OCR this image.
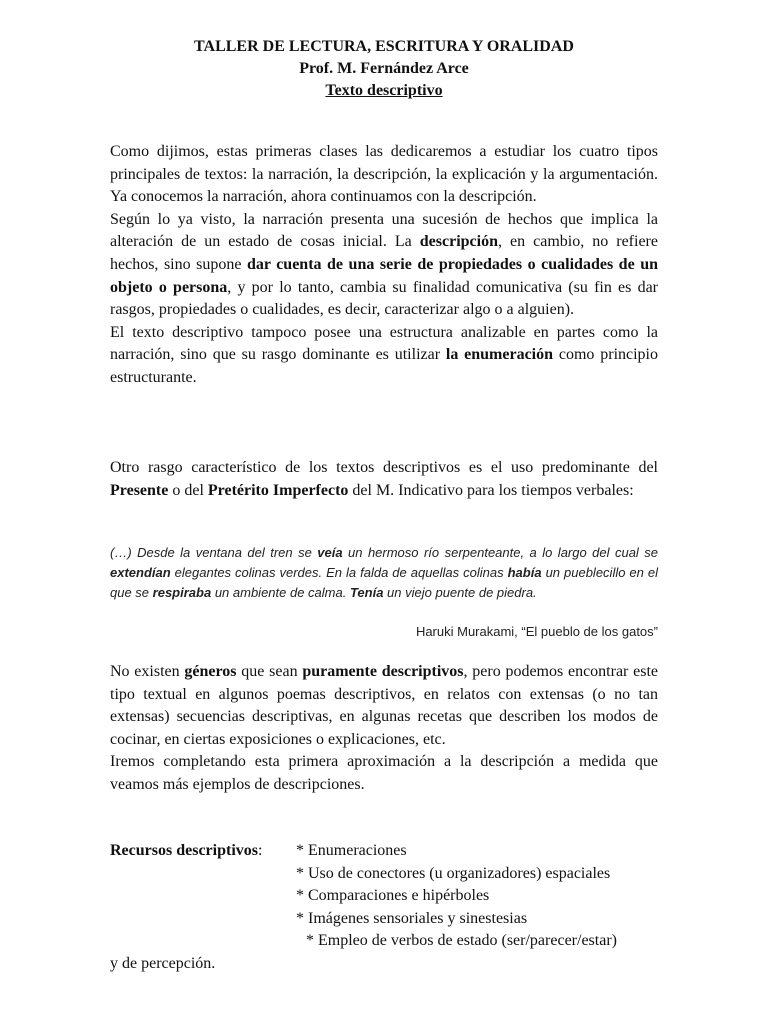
TALLER DE LECTURA, ESCRITURA Y ORALIDAD
Prof. M. Fernández Arce
Texto descriptivo

Como dijimos, estas primeras clases las dedicaremos a estudiar los cuatro tipos principales de textos: la narración, la descripción, la explicación y la argumentación. Ya conocemos la narración, ahora continuamos con la descripción.

Según lo ya visto, la narración presenta una sucesión de hechos que implica la alteración de un estado de cosas inicial. La descripción, en cambio, no refiere hechos, sino supone dar cuenta de una serie de propiedades o cualidades de un objeto o persona, y por lo tanto, cambia su finalidad comunicativa (su fin es dar rasgos, propiedades o cualidades, es decir, caracterizar algo o a alguien).

El texto descriptivo tampoco posee una estructura analizable en partes como la narración, sino que su rasgo dominante es utilizar la enumeración como principio estructurante.

Otro rasgo característico de los textos descriptivos es el uso predominante del Presente o del Pretérito Imperfecto del M. Indicativo para los tiempos verbales:

(…) Desde la ventana del tren se veía un hermoso río serpenteante, a lo largo del cual se extendían elegantes colinas verdes. En la falda de aquellas colinas había un pueblecillo en el que se respiraba un ambiente de calma. Tenía un viejo puente de piedra.
Haruki Murakami, “El pueblo de los gatos”

No existen géneros que sean puramente descriptivos, pero podemos encontrar este tipo textual en algunos poemas descriptivos, en relatos con extensas (o no tan extensas) secuencias descriptivas, en algunas recetas que describen los modos de cocinar, en ciertas exposiciones o explicaciones, etc.

Iremos completando esta primera aproximación a la descripción a medida que veamos más ejemplos de descripciones.

Recursos descriptivos: * Enumeraciones
* Uso de conectores (u organizadores) espaciales
* Comparaciones e hipérboles
* Imágenes sensoriales y sinestesias
* Empleo de verbos de estado (ser/parecer/estar)
y de percepción.
